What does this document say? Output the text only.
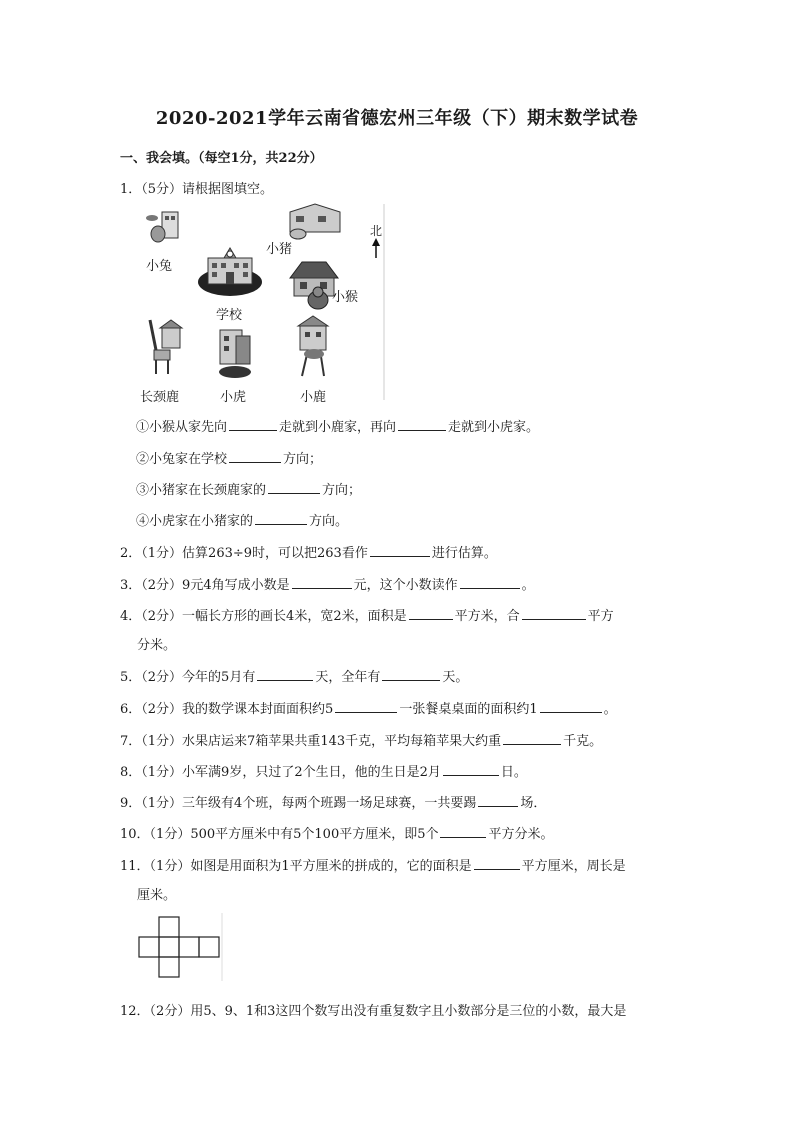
2020-2021学年云南省德宏州三年级（下）期末数学试卷
一、我会填。（每空1分，共22分）
1．（5分）请根据图填空。
小兔
小猪
小猴
学校
长颈鹿	小虎	小鹿
北
①小猴从家先向	走就到小鹿家，再向	走就到小虎家。
②小兔家在学校	方向；
③小猪家在长颈鹿家的	方向；
④小虎家在小猪家的	方向。
2．（1分）估算263÷9时，可以把263看作	进行估算。
3．（2分）9元4角写成小数是	元，这个小数读作	。
4．（2分）一幅长方形的画长4米，宽2米，面积是	平方米，合	平方
分米。
5．（2分）今年的5月有	天，全年有	天。
6．（2分）我的数学课本封面面积约5	一张餐桌桌面的面积约1	。
7．（1分）水果店运来7箱苹果共重143千克，平均每箱苹果大约重	千克。
8．（1分）小军满9岁，只过了2个生日，他的生日是2月	日。
9．（1分）三年级有4个班，每两个班踢一场足球赛，一共要踢	场．
10．（1分）500平方厘米中有5个100平方厘米，即5个	平方分米。
11．（1分）如图是用面积为1平方厘米的拼成的，它的面积是	平方厘米，周长是
厘米。
12．（2分）用5、9、1和3这四个数写出没有重复数字且小数部分是三位的小数，最大是
